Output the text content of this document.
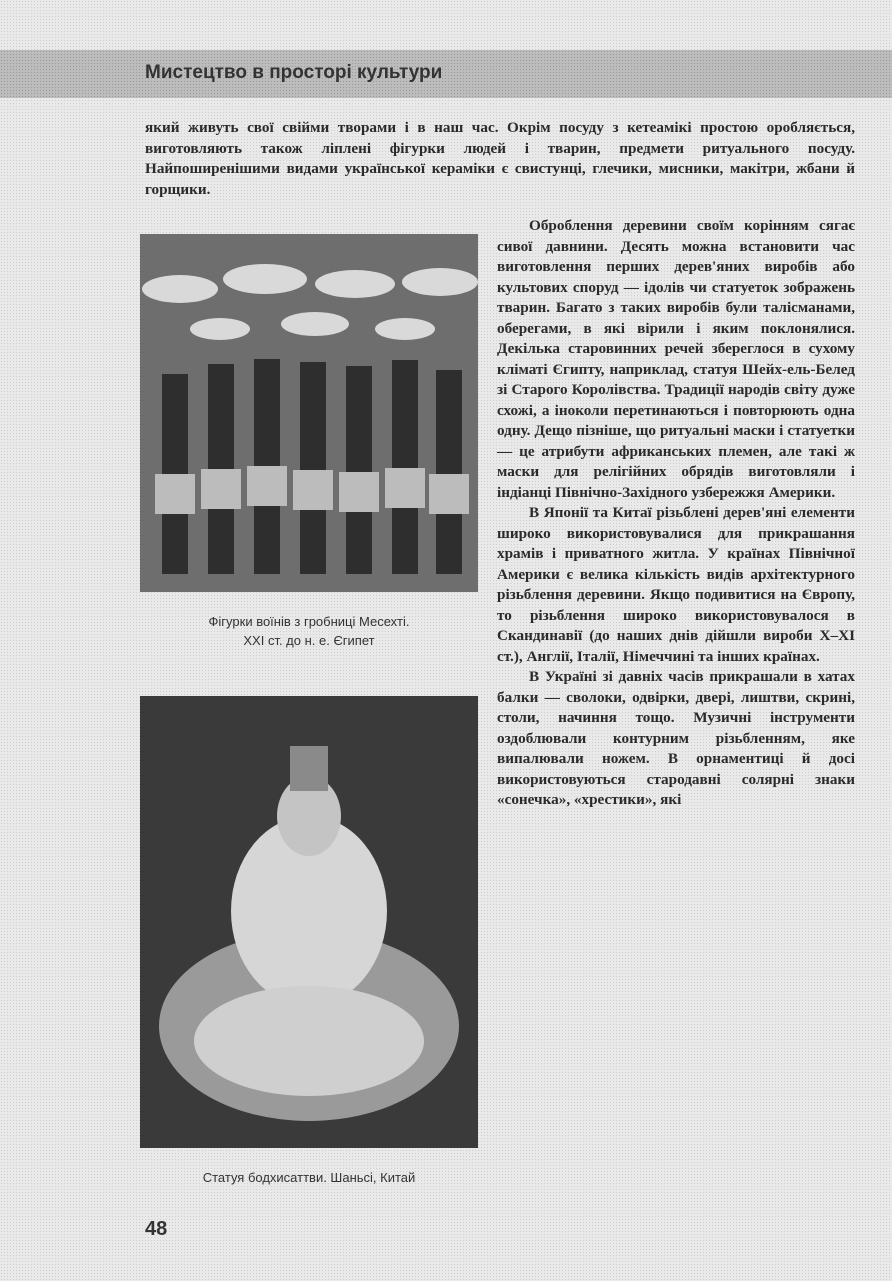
Мистецтво в просторі культури
який живуть свої свійми творами і в наш час. Окрім посуду з кетеамікі простою оробляється, виготовляють також ліплені фігурки людей і тварин, предмети ритуального посуду. Найпоширенішими видами української кераміки є свистунці, глечики, мисники, макітри, жбани й горщики.
Фігурки воїнів з гробниці Месехті.
XXI ст. до н. е. Єгипет
Статуя бодхисаттви. Шаньсі, Китай

Оброблення деревини своїм корінням сягає сивої давнини. Десять можна встановити час виготовлення перших дерев'яних виробів або культових споруд — ідолів чи статуеток зображень тварин. Багато з таких виробів були талісманами, оберегами, в які вірили і яким поклонялися. Декілька старовинних речей збереглося в сухому кліматі Єгипту, наприклад, статуя Шейх-ель-Белед зі Старого Королівства. Традиції народів світу дуже схожі, а іноколи перетинаються і повторюють одна одну. Дещо пізніше, що ритуальні маски і статуетки — це атрибути африканських племен, але такі ж маски для релігійних обрядів виготовляли і індіанці Північно-Західного узбережжя Америки.

В Японії та Китаї різьблені дерев'яні елементи широко використовувалися для прикрашання храмів і приватного житла. У країнах Північної Америки є велика кількість видів архітектурного різьблення деревини. Якщо подивитися на Європу, то різьблення широко використовувалося в Скандинавії (до наших днів дійшли вироби X–XI ст.), Англії, Італії, Німеччині та інших країнах.

В Україні зі давніх часів прикрашали в хатах балки — сволоки, одвірки, двері, лиштви, скрині, столи, начиння тощо. Музичні інструменти оздоблювали контурним різьбленням, яке випалювали ножем. В орнаментиці й досі використовуються стародавні солярні знаки «сонечка», «хрестики», які

48
